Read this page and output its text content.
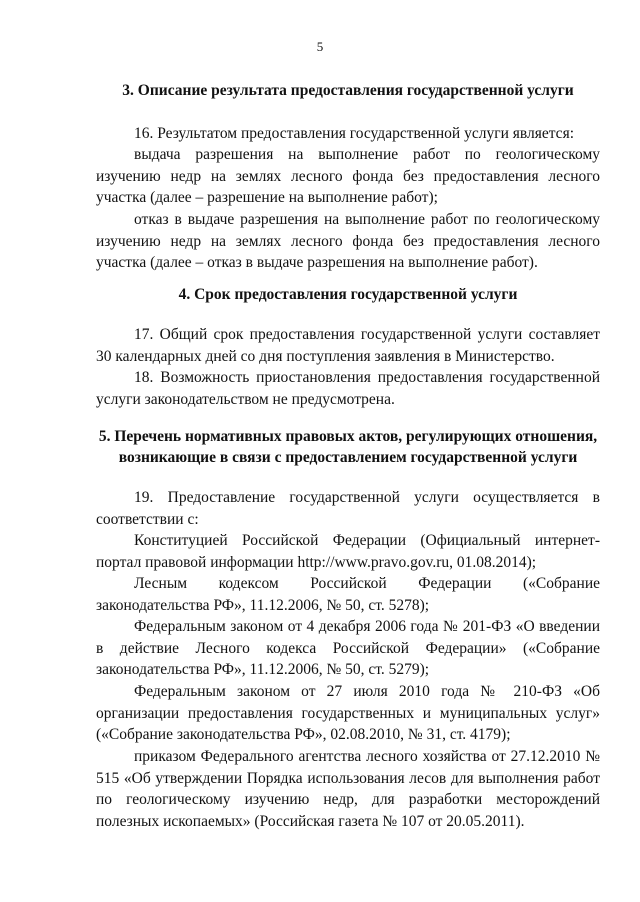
5
3. Описание результата предоставления государственной услуги
16. Результатом предоставления государственной услуги является:
выдача разрешения на выполнение работ по геологическому изучению недр на землях лесного фонда без предоставления лесного участка (далее – разрешение на выполнение работ);
отказ в выдаче разрешения на выполнение работ по геологическому изучению недр на землях лесного фонда без предоставления лесного участка (далее – отказ в выдаче разрешения на выполнение работ).
4. Срок предоставления государственной услуги
17. Общий срок предоставления государственной услуги составляет 30 календарных дней со дня поступления заявления в Министерство.
18. Возможность приостановления предоставления государственной услуги законодательством не предусмотрена.
5. Перечень нормативных правовых актов, регулирующих отношения,
возникающие в связи с предоставлением государственной услуги
19. Предоставление государственной услуги осуществляется в соответствии с:
Конституцией Российской Федерации (Официальный интернет-портал правовой информации http://www.pravo.gov.ru, 01.08.2014);
Лесным кодексом Российской Федерации («Собрание законодательства РФ», 11.12.2006, № 50, ст. 5278);
Федеральным законом от 4 декабря 2006 года № 201-ФЗ «О введении в действие Лесного кодекса Российской Федерации» («Собрание законодательства РФ», 11.12.2006, № 50, ст. 5279);
Федеральным законом от 27 июля 2010 года № 210-ФЗ «Об организации предоставления государственных и муниципальных услуг» («Собрание законодательства РФ», 02.08.2010, № 31, ст. 4179);
приказом Федерального агентства лесного хозяйства от 27.12.2010 № 515 «Об утверждении Порядка использования лесов для выполнения работ по геологическому изучению недр, для разработки месторождений полезных ископаемых» (Российская газета № 107 от 20.05.2011).
